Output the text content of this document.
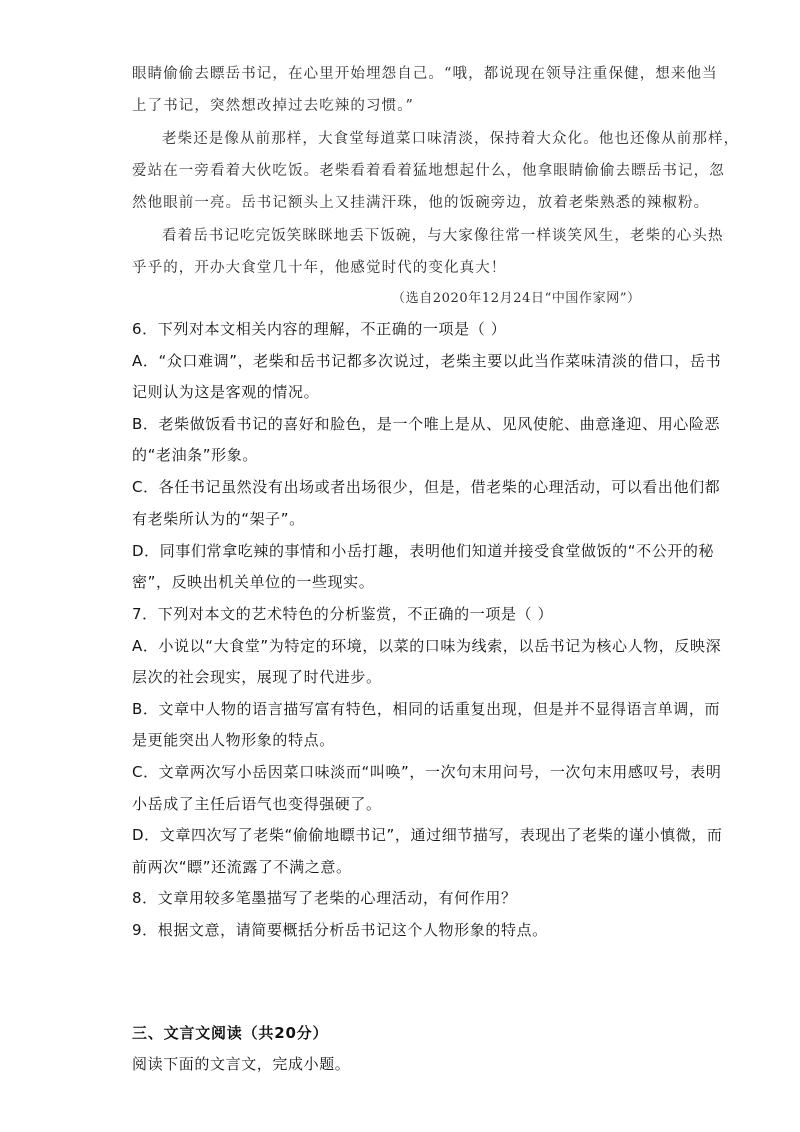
眼睛偷偷去瞟岳书记，在心里开始埋怨自己。“哦，都说现在领导注重保健，想来他当
上了书记，突然想改掉过去吃辣的习惯。”
老柴还是像从前那样，大食堂每道菜口味清淡，保持着大众化。他也还像从前那样，
爱站在一旁看着大伙吃饭。老柴看着看着猛地想起什么，他拿眼睛偷偷去瞟岳书记，忽
然他眼前一亮。岳书记额头上又挂满汗珠，他的饭碗旁边，放着老柴熟悉的辣椒粉。
看着岳书记吃完饭笑眯眯地丢下饭碗，与大家像往常一样谈笑风生，老柴的心头热
乎乎的，开办大食堂几十年，他感觉时代的变化真大！
（选自2020年12月24日“中国作家网”）
6．下列对本文相关内容的理解，不正确的一项是（ ）
A．“众口难调”，老柴和岳书记都多次说过，老柴主要以此当作菜味清淡的借口，岳书
记则认为这是客观的情况。
B．老柴做饭看书记的喜好和脸色，是一个唯上是从、见风使舵、曲意逢迎、用心险恶
的“老油条”形象。
C．各任书记虽然没有出场或者出场很少，但是，借老柴的心理活动，可以看出他们都
有老柴所认为的“架子”。
D．同事们常拿吃辣的事情和小岳打趣，表明他们知道并接受食堂做饭的“不公开的秘
密”，反映出机关单位的一些现实。
7．下列对本文的艺术特色的分析鉴赏，不正确的一项是（ ）
A．小说以“大食堂”为特定的环境，以菜的口味为线索，以岳书记为核心人物，反映深
层次的社会现实，展现了时代进步。
B．文章中人物的语言描写富有特色，相同的话重复出现，但是并不显得语言单调，而
是更能突出人物形象的特点。
C．文章两次写小岳因菜口味淡而“叫唤”，一次句末用问号，一次句末用感叹号，表明
小岳成了主任后语气也变得强硬了。
D．文章四次写了老柴“偷偷地瞟书记”，通过细节描写，表现出了老柴的谨小慎微，而
前两次“瞟”还流露了不满之意。
8．文章用较多笔墨描写了老柴的心理活动，有何作用？
9．根据文意，请简要概括分析岳书记这个人物形象的特点。
三、文言文阅读（共20分）
阅读下面的文言文，完成小题。
